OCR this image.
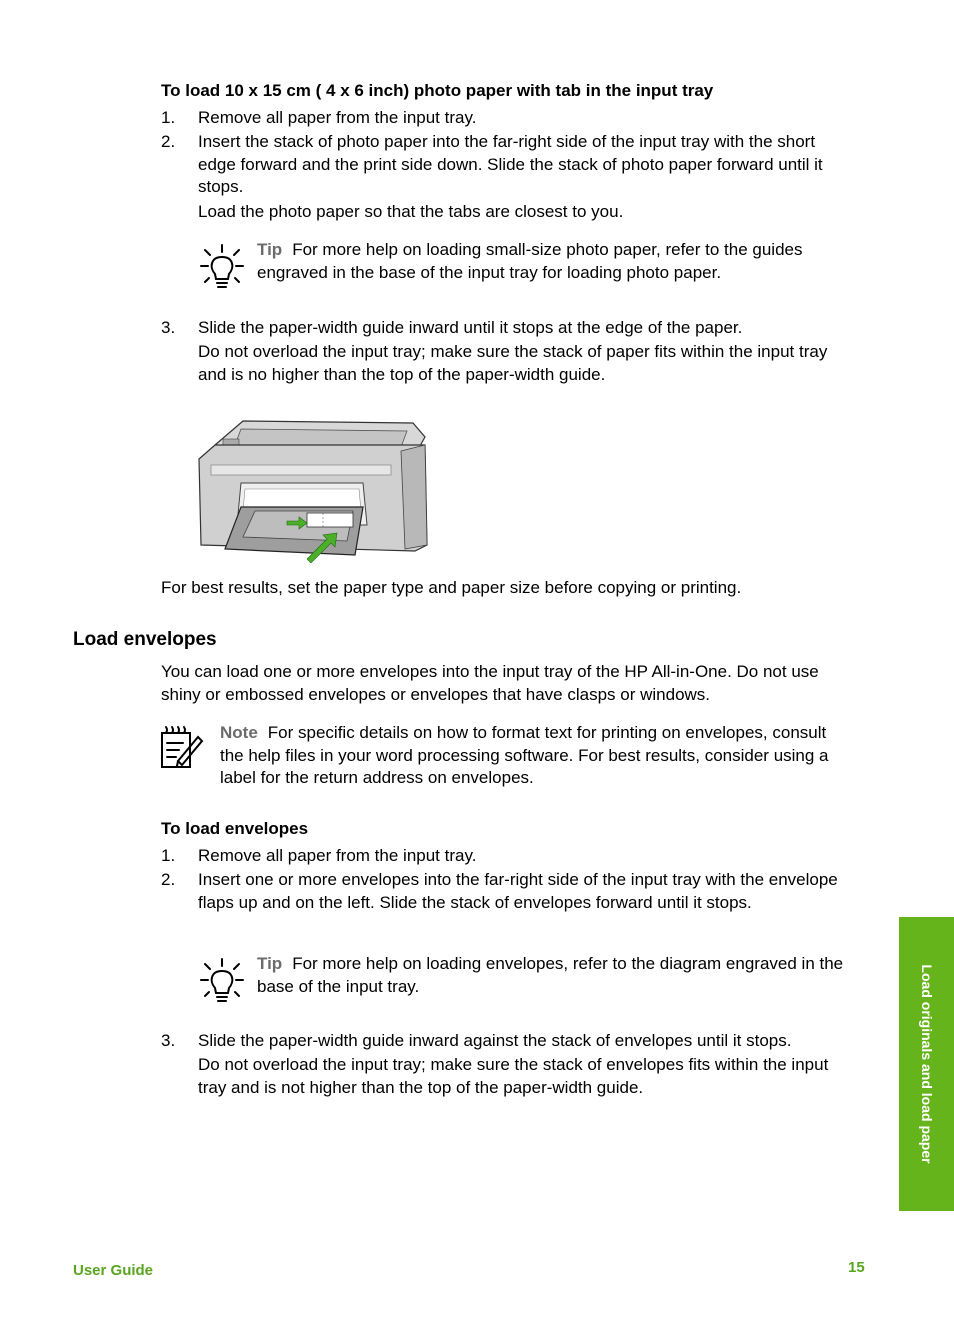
To load 10 x 15 cm ( 4 x 6 inch) photo paper with tab in the input tray
1. Remove all paper from the input tray.
2. Insert the stack of photo paper into the far-right side of the input tray with the short edge forward and the print side down. Slide the stack of photo paper forward until it stops.
Load the photo paper so that the tabs are closest to you.
Tip For more help on loading small-size photo paper, refer to the guides engraved in the base of the input tray for loading photo paper.
3. Slide the paper-width guide inward until it stops at the edge of the paper.
Do not overload the input tray; make sure the stack of paper fits within the input tray and is no higher than the top of the paper-width guide.
For best results, set the paper type and paper size before copying or printing.
Load envelopes
You can load one or more envelopes into the input tray of the HP All-in-One. Do not use shiny or embossed envelopes or envelopes that have clasps or windows.
Note For specific details on how to format text for printing on envelopes, consult the help files in your word processing software. For best results, consider using a label for the return address on envelopes.
To load envelopes
1. Remove all paper from the input tray.
2. Insert one or more envelopes into the far-right side of the input tray with the envelope flaps up and on the left. Slide the stack of envelopes forward until it stops.
Tip For more help on loading envelopes, refer to the diagram engraved in the base of the input tray.
3. Slide the paper-width guide inward against the stack of envelopes until it stops.
Do not overload the input tray; make sure the stack of envelopes fits within the input tray and is not higher than the top of the paper-width guide.	Load originals and load paper
User Guide	15
